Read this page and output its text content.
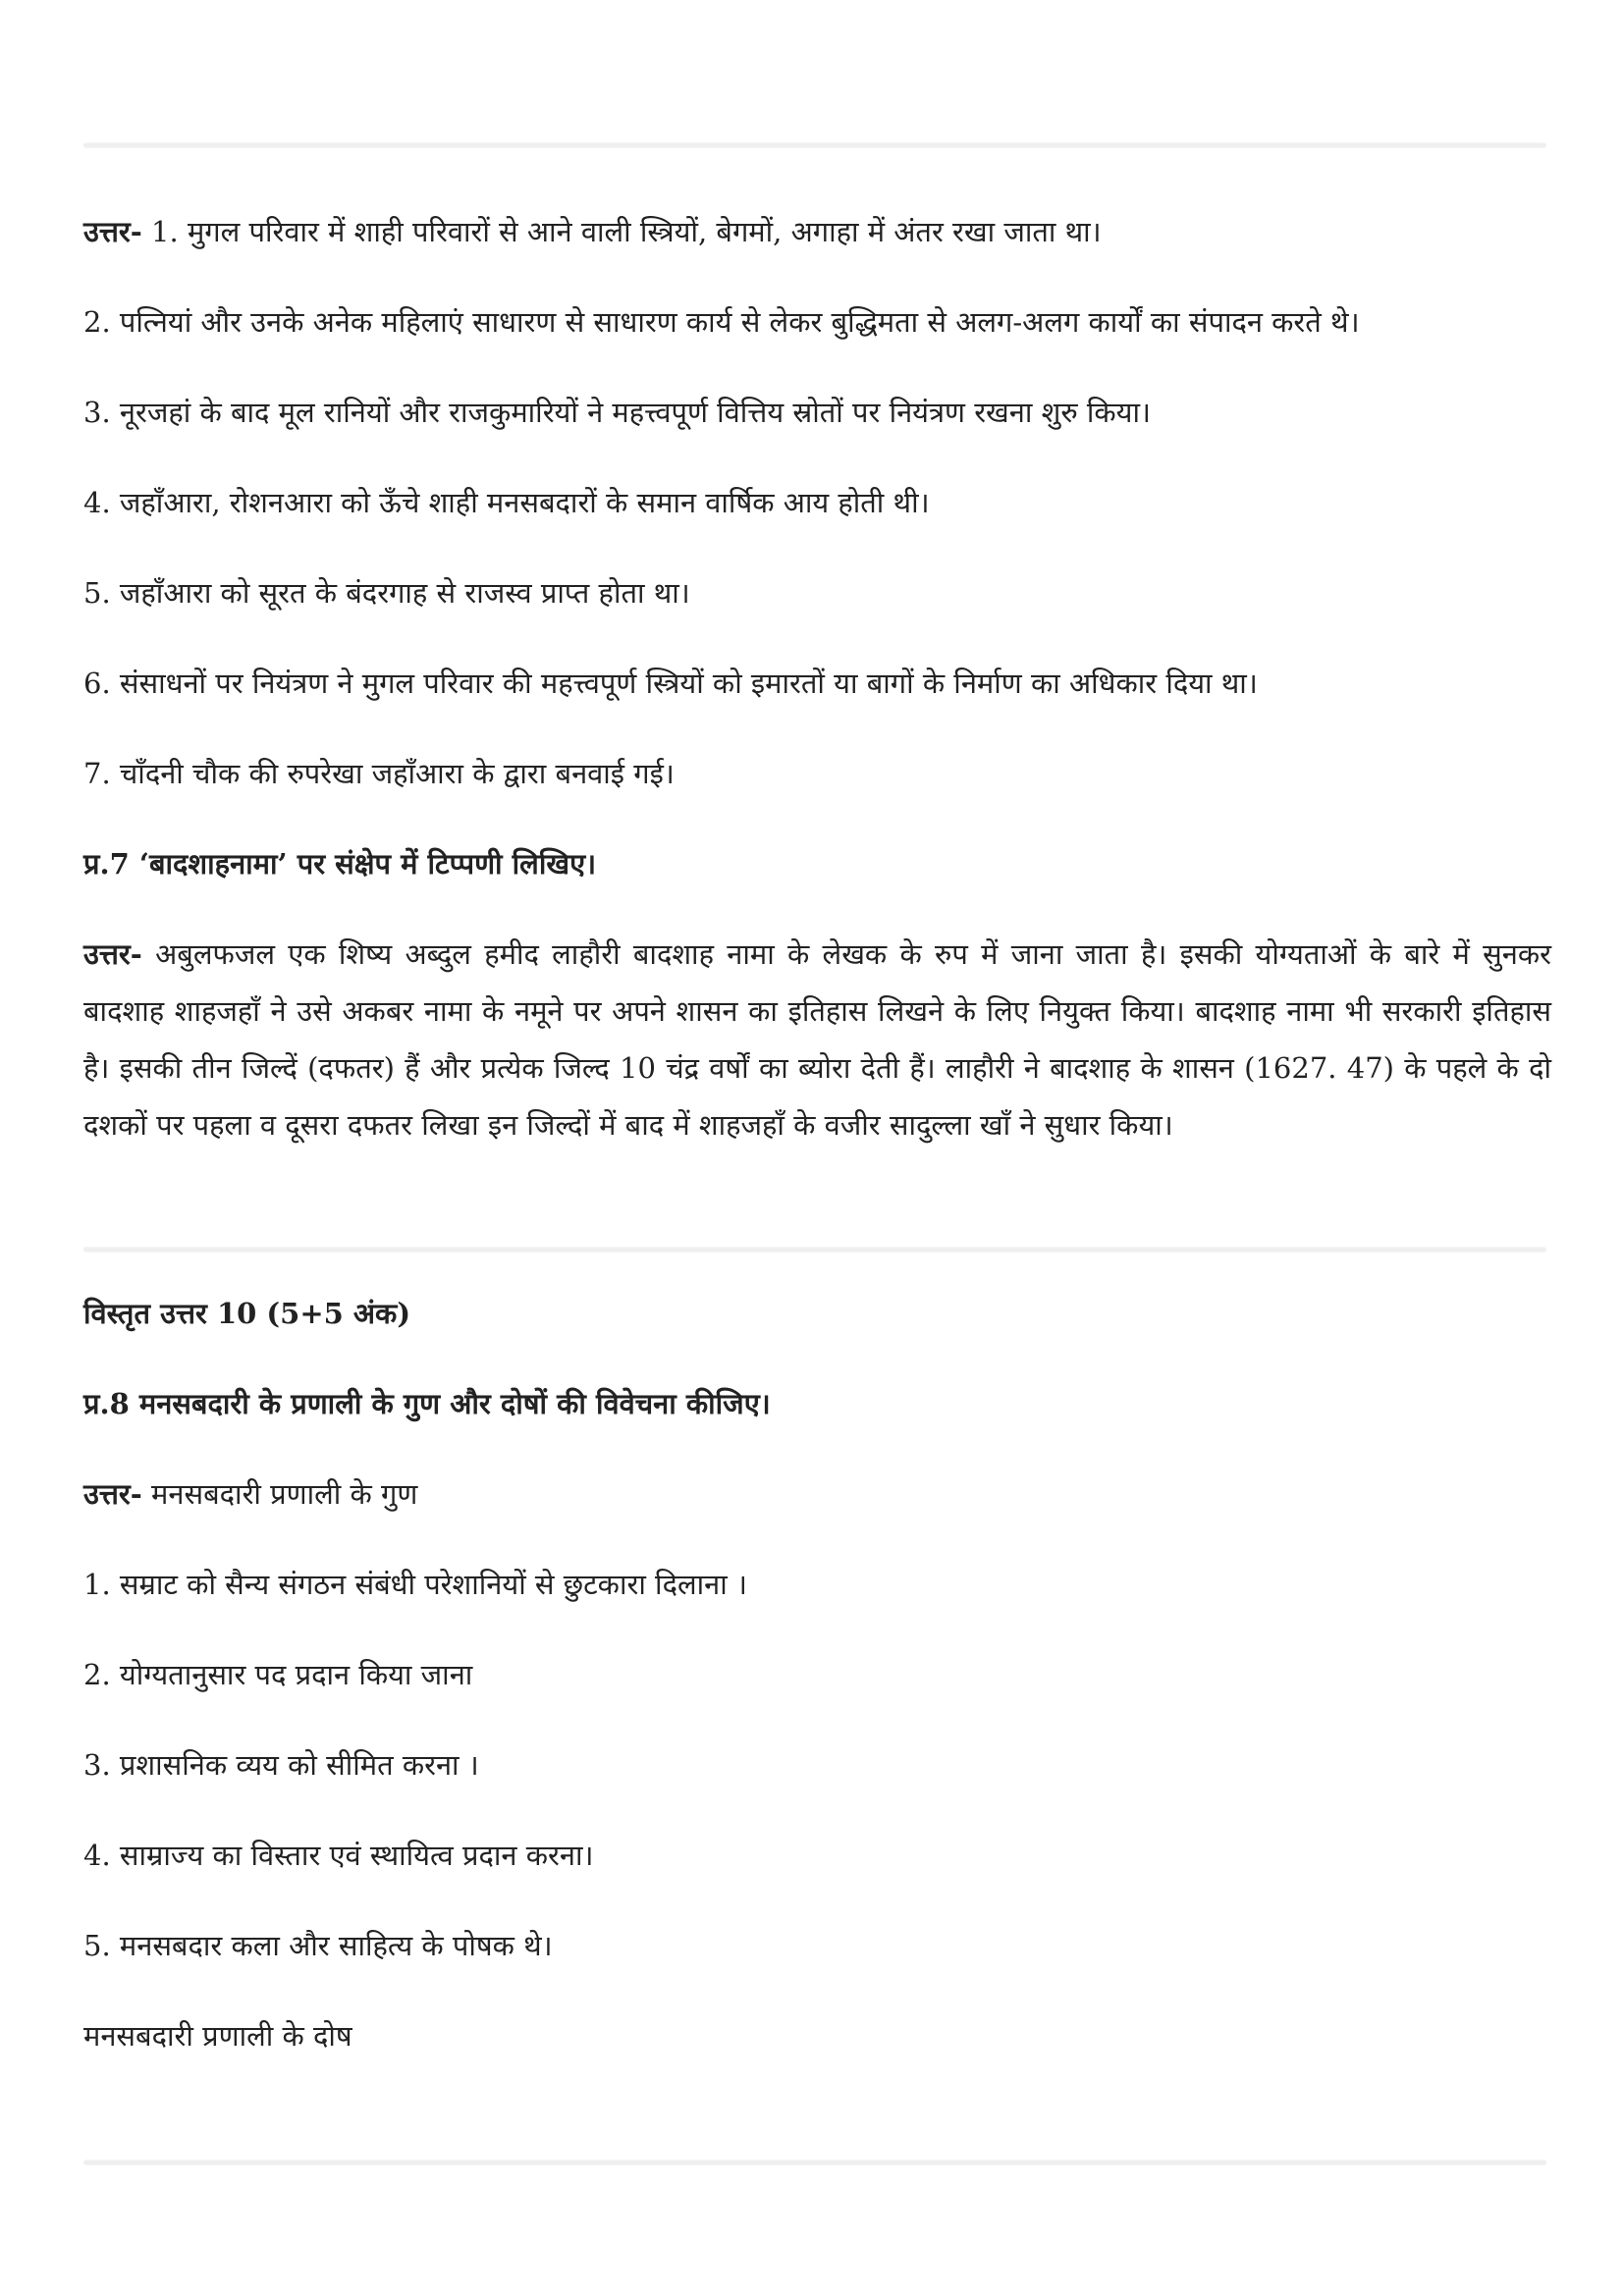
उत्तर- 1. मुगल परिवार में शाही परिवारों से आने वाली स्त्रियों, बेगमों, अगाहा में अंतर रखा जाता था।

2. पत्नियां और उनके अनेक महिलाएं साधारण से साधारण कार्य से लेकर बुद्धिमता से अलग-अलग कार्यों का संपादन करते थे।

3. नूरजहां के बाद मूल रानियों और राजकुमारियों ने महत्त्वपूर्ण वित्तिय स्रोतों पर नियंत्रण रखना शुरु किया।

4. जहाँआरा, रोशनआरा को ऊँचे शाही मनसबदारों के समान वार्षिक आय होती थी।

5. जहाँआरा को सूरत के बंदरगाह से राजस्व प्राप्त होता था।

6. संसाधनों पर नियंत्रण ने मुगल परिवार की महत्त्वपूर्ण स्त्रियों को इमारतों या बागों के निर्माण का अधिकार दिया था।

7. चाँदनी चौक की रुपरेखा जहाँआरा के द्वारा बनवाई गई।

प्र.7 ‘बादशाहनामा’ पर संक्षेप में टिप्पणी लिखिए।

उत्तर- अबुलफजल एक शिष्य अब्दुल हमीद लाहौरी बादशाह नामा के लेखक के रुप में जाना जाता है। इसकी योग्यताओं के बारे में सुनकर बादशाह शाहजहाँ ने उसे अकबर नामा के नमूने पर अपने शासन का इतिहास लिखने के लिए नियुक्त किया। बादशाह नामा भी सरकारी इतिहास है। इसकी तीन जिल्दें (दफतर) हैं और प्रत्येक जिल्द 10 चंद्र वर्षों का ब्योरा देती हैं। लाहौरी ने बादशाह के शासन (1627. 47) के पहले के दो दशकों पर पहला व दूसरा दफतर लिखा इन जिल्दों में बाद में शाहजहाँ के वजीर सादुल्ला खाँ ने सुधार किया।

विस्तृत उत्तर 10 (5+5 अंक)

प्र.8 मनसबदारी के प्रणाली के गुण और दोषों की विवेचना कीजिए।

उत्तर- मनसबदारी प्रणाली के गुण

1. सम्राट को सैन्य संगठन संबंधी परेशानियों से छुटकारा दिलाना ।

2. योग्यतानुसार पद प्रदान किया जाना

3. प्रशासनिक व्यय को सीमित करना ।

4. साम्राज्य का विस्तार एवं स्थायित्व प्रदान करना।

5. मनसबदार कला और साहित्य के पोषक थे।

मनसबदारी प्रणाली के दोष
